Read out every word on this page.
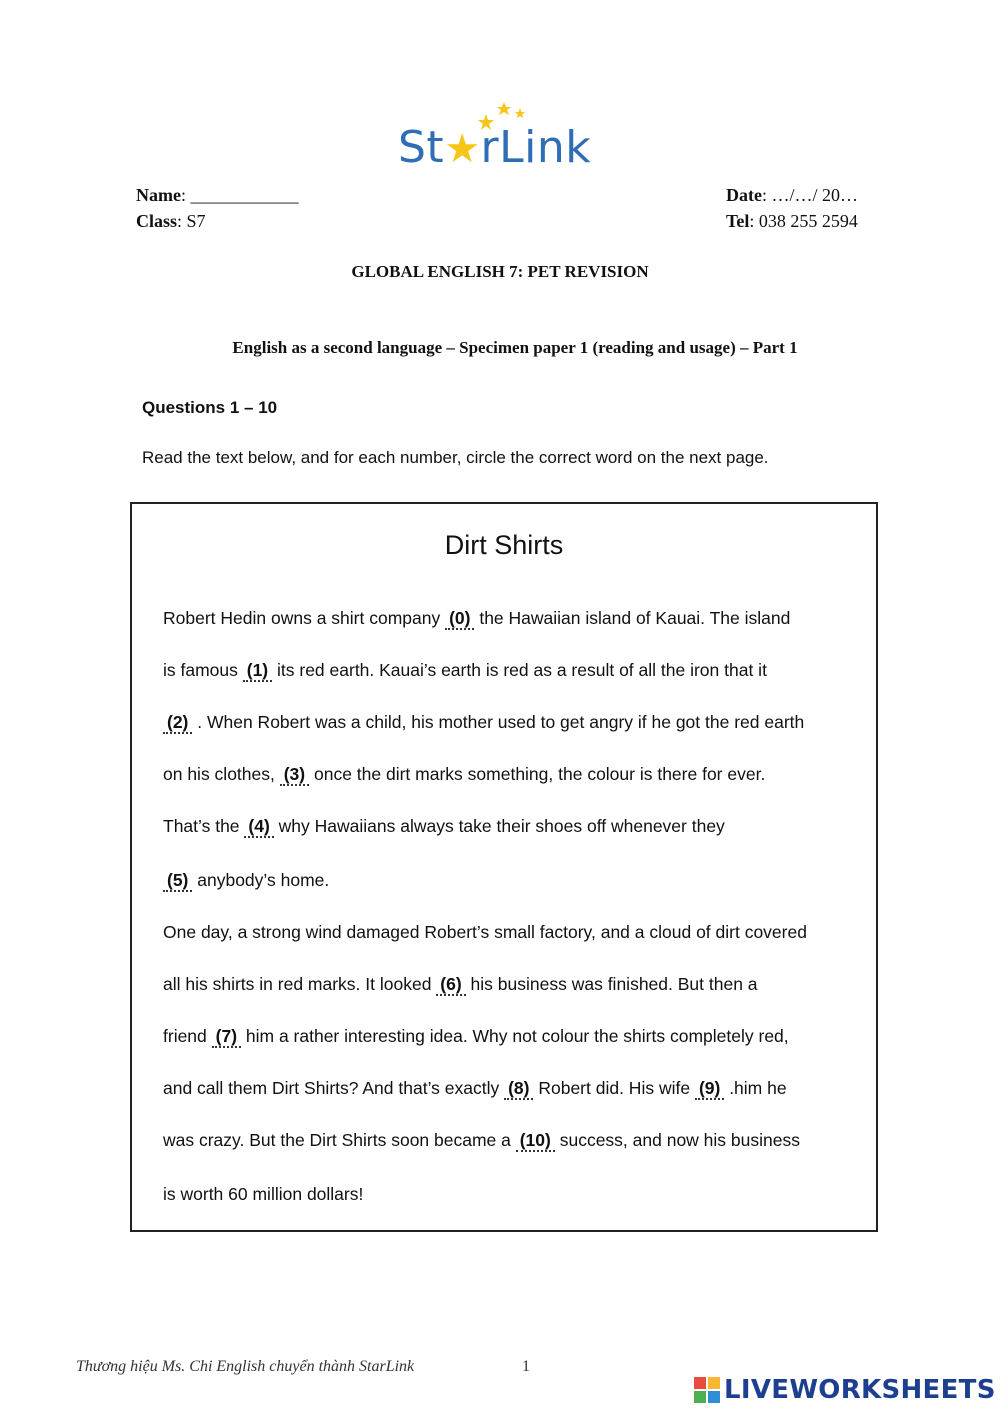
St★rLink
Name: ____________
Class: S7
Date: …/…/ 20…
Tel: 038 255 2594
GLOBAL ENGLISH 7: PET REVISION
English as a second language – Specimen paper 1 (reading and usage) – Part 1
Questions 1 – 10
Read the text below, and for each number, circle the correct word on the next page.
Dirt Shirts
Robert Hedin owns a shirt company (0) the Hawaiian island of Kauai. The island
is famous (1) its red earth. Kauai’s earth is red as a result of all the iron that it
(2) . When Robert was a child, his mother used to get angry if he got the red earth
on his clothes, (3) once the dirt marks something, the colour is there for ever.
That’s the (4) why Hawaiians always take their shoes off whenever they
(5) anybody’s home.
One day, a strong wind damaged Robert’s small factory, and a cloud of dirt covered
all his shirts in red marks. It looked (6) his business was finished. But then a
friend (7) him a rather interesting idea. Why not colour the shirts completely red,
and call them Dirt Shirts? And that’s exactly (8) Robert did. His wife (9) .him he
was crazy. But the Dirt Shirts soon became a (10) success, and now his business
is worth 60 million dollars!
Thương hiệu Ms. Chi English chuyển thành StarLink	1
LIVEWORKSHEETS
